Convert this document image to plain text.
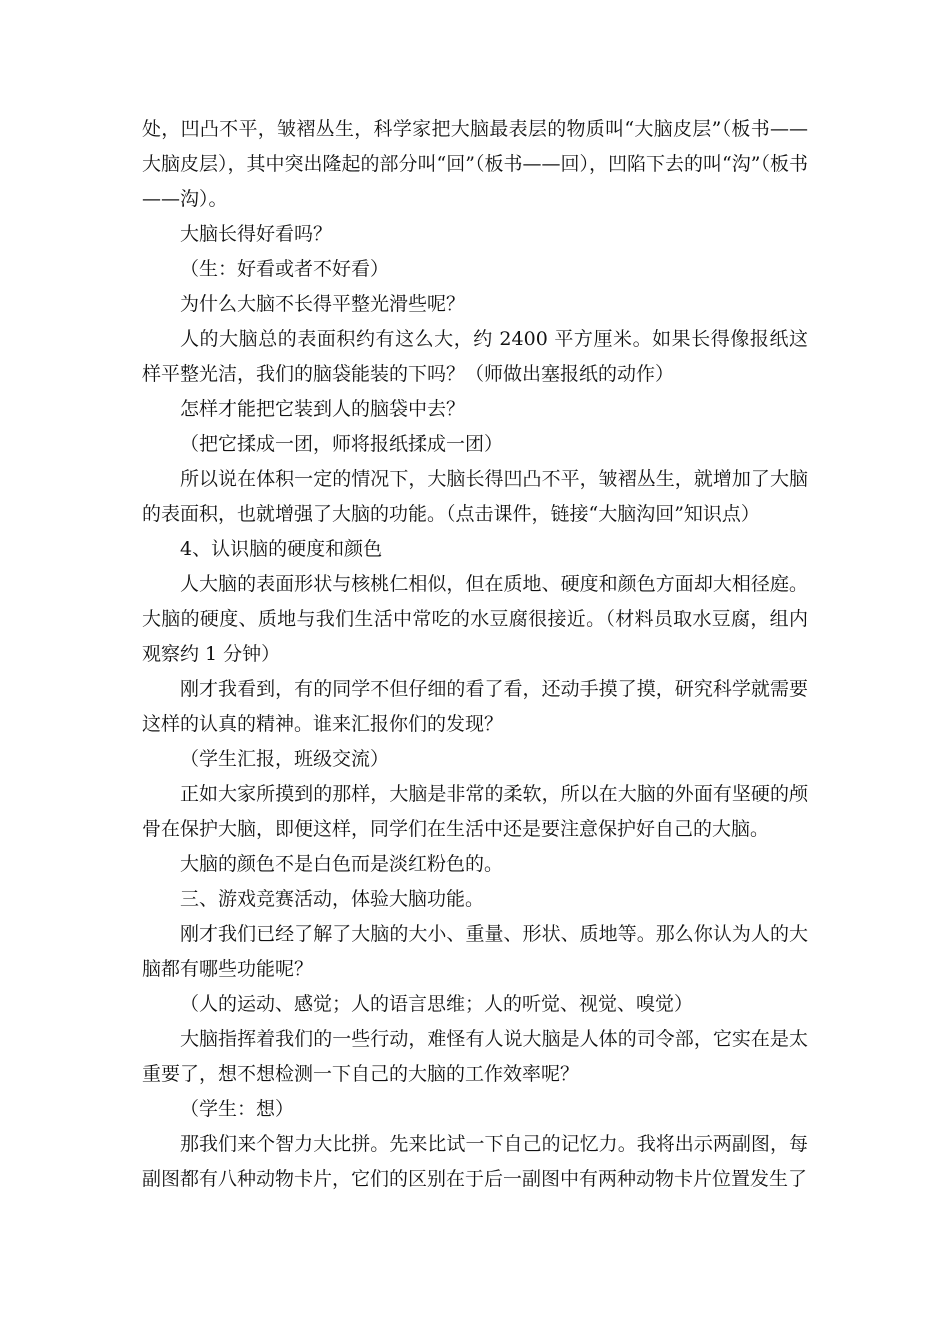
处，凹凸不平，皱褶丛生，科学家把大脑最表层的物质叫“大脑皮层”（板书——大脑皮层），其中突出隆起的部分叫“回”（板书——回），凹陷下去的叫“沟”（板书——沟）。

大脑长得好看吗？

（生：好看或者不好看）

为什么大脑不长得平整光滑些呢？

人的大脑总的表面积约有这么大，约 2400 平方厘米。如果长得像报纸这样平整光洁，我们的脑袋能装的下吗？（师做出塞报纸的动作）

怎样才能把它装到人的脑袋中去？

（把它揉成一团，师将报纸揉成一团）

所以说在体积一定的情况下，大脑长得凹凸不平，皱褶丛生，就增加了大脑的表面积，也就增强了大脑的功能。（点击课件，链接“大脑沟回”知识点）

4、认识脑的硬度和颜色

人大脑的表面形状与核桃仁相似，但在质地、硬度和颜色方面却大相径庭。大脑的硬度、质地与我们生活中常吃的水豆腐很接近。（材料员取水豆腐，组内观察约 1 分钟）

刚才我看到，有的同学不但仔细的看了看，还动手摸了摸，研究科学就需要这样的认真的精神。谁来汇报你们的发现？

（学生汇报，班级交流）

正如大家所摸到的那样，大脑是非常的柔软，所以在大脑的外面有坚硬的颅骨在保护大脑，即便这样，同学们在生活中还是要注意保护好自己的大脑。

大脑的颜色不是白色而是淡红粉色的。

三、游戏竞赛活动，体验大脑功能。

刚才我们已经了解了大脑的大小、重量、形状、质地等。那么你认为人的大脑都有哪些功能呢？

（人的运动、感觉；人的语言思维；人的听觉、视觉、嗅觉）

大脑指挥着我们的一些行动，难怪有人说大脑是人体的司令部，它实在是太重要了，想不想检测一下自己的大脑的工作效率呢？

（学生：想）

那我们来个智力大比拼。先来比试一下自己的记忆力。我将出示两副图，每副图都有八种动物卡片，它们的区别在于后一副图中有两种动物卡片位置发生了
